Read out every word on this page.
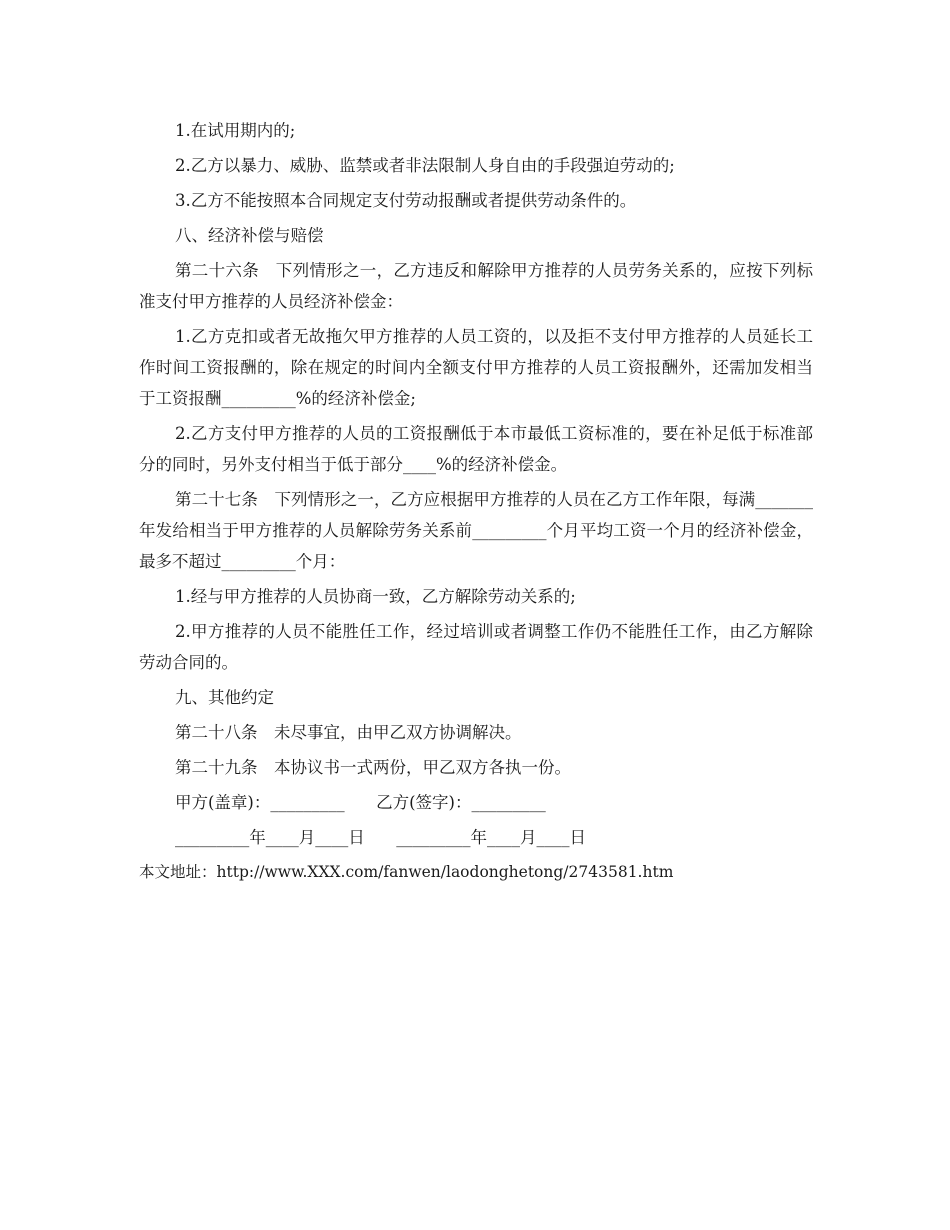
1.在试用期内的;

2.乙方以暴力、威胁、监禁或者非法限制人身自由的手段强迫劳动的;

3.乙方不能按照本合同规定支付劳动报酬或者提供劳动条件的。

八、经济补偿与赔偿

第二十六条　下列情形之一，乙方违反和解除甲方推荐的人员劳务关系的，应按下列标准支付甲方推荐的人员经济补偿金：

1.乙方克扣或者无故拖欠甲方推荐的人员工资的，以及拒不支付甲方推荐的人员延长工作时间工资报酬的，除在规定的时间内全额支付甲方推荐的人员工资报酬外，还需加发相当于工资报酬_________%的经济补偿金;

2.乙方支付甲方推荐的人员的工资报酬低于本市最低工资标准的，要在补足低于标准部分的同时，另外支付相当于低于部分____%的经济补偿金。

第二十七条　下列情形之一，乙方应根据甲方推荐的人员在乙方工作年限，每满_______年发给相当于甲方推荐的人员解除劳务关系前_________个月平均工资一个月的经济补偿金，最多不超过_________个月：

1.经与甲方推荐的人员协商一致，乙方解除劳动关系的;

2.甲方推荐的人员不能胜任工作，经过培训或者调整工作仍不能胜任工作，由乙方解除劳动合同的。

九、其他约定

第二十八条　未尽事宜，由甲乙双方协调解决。

第二十九条　本协议书一式两份，甲乙双方各执一份。

甲方(盖章)：_________      乙方(签字)：_________

_________年____月____日      _________年____月____日

本文地址：http://www.XXX.com/fanwen/laodonghetong/2743581.htm
